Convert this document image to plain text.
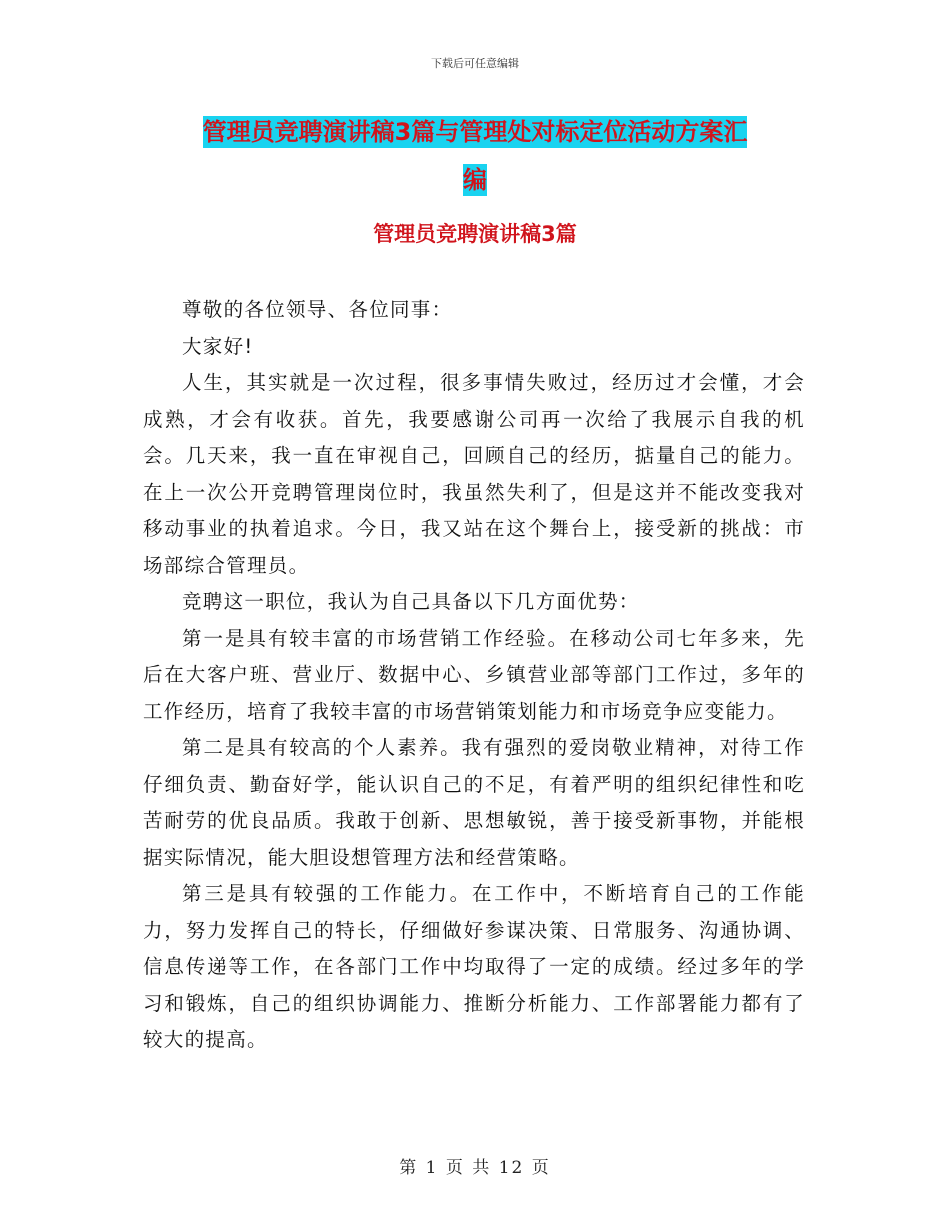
下载后可任意编辑
管理员竞聘演讲稿3篇与管理处对标定位活动方案汇
编
管理员竞聘演讲稿3篇

尊敬的各位领导、各位同事：

大家好!

人生，其实就是一次过程，很多事情失败过，经历过才会懂，才会成熟，才会有收获。首先，我要感谢公司再一次给了我展示自我的机会。几天来，我一直在审视自己，回顾自己的经历，掂量自己的能力。在上一次公开竞聘管理岗位时，我虽然失利了，但是这并不能改变我对移动事业的执着追求。今日，我又站在这个舞台上，接受新的挑战：市场部综合管理员。

竞聘这一职位，我认为自己具备以下几方面优势：

第一是具有较丰富的市场营销工作经验。在移动公司七年多来，先后在大客户班、营业厅、数据中心、乡镇营业部等部门工作过，多年的工作经历，培育了我较丰富的市场营销策划能力和市场竞争应变能力。

第二是具有较高的个人素养。我有强烈的爱岗敬业精神，对待工作仔细负责、勤奋好学，能认识自己的不足，有着严明的组织纪律性和吃苦耐劳的优良品质。我敢于创新、思想敏锐，善于接受新事物，并能根据实际情况，能大胆设想管理方法和经营策略。

第三是具有较强的工作能力。在工作中，不断培育自己的工作能力，努力发挥自己的特长，仔细做好参谋决策、日常服务、沟通协调、信息传递等工作，在各部门工作中均取得了一定的成绩。经过多年的学习和锻炼，自己的组织协调能力、推断分析能力、工作部署能力都有了较大的提高。

第 1 页 共 12 页
